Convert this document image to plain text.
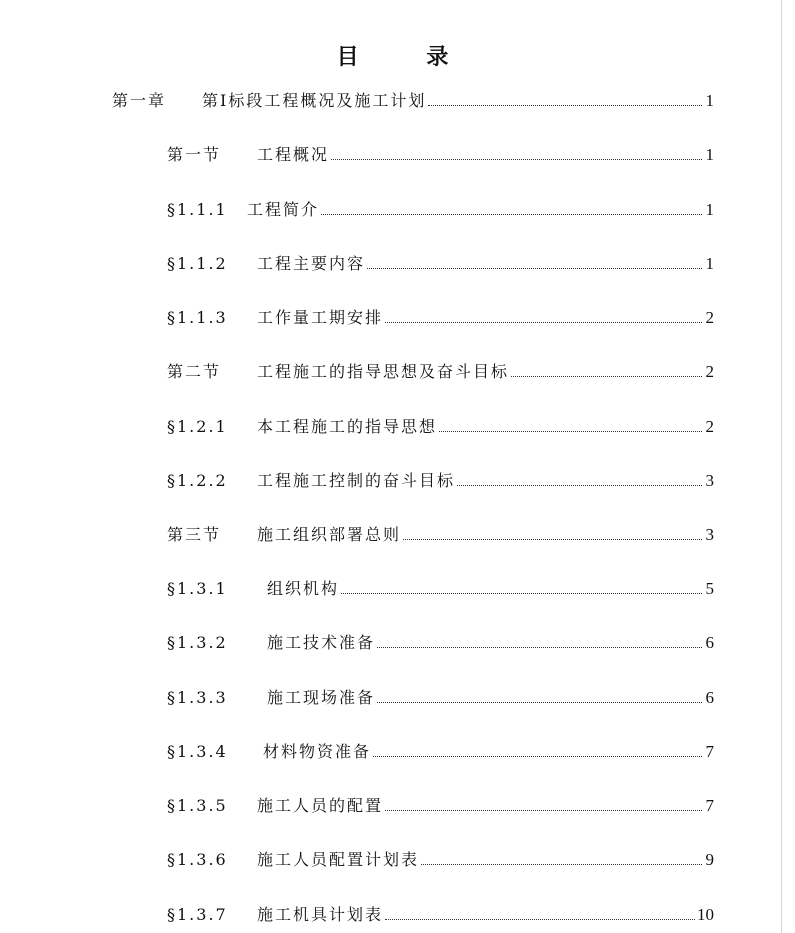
目 录
第一章	第Ⅰ标段工程概况及施工计划	1
第一节	工程概况	1
§1.1.1	工程简介	1
§1.1.2	工程主要内容	1
§1.1.3	工作量工期安排	2
第二节	工程施工的指导思想及奋斗目标	2
§1.2.1	本工程施工的指导思想	2
§1.2.2	工程施工控制的奋斗目标	3
第三节	施工组织部署总则	3
§1.3.1	组织机构	5
§1.3.2	施工技术准备	6
§1.3.3	施工现场准备	6
§1.3.4	材料物资准备	7
§1.3.5	施工人员的配置	7
§1.3.6	施工人员配置计划表	9
§1.3.7	施工机具计划表	10
